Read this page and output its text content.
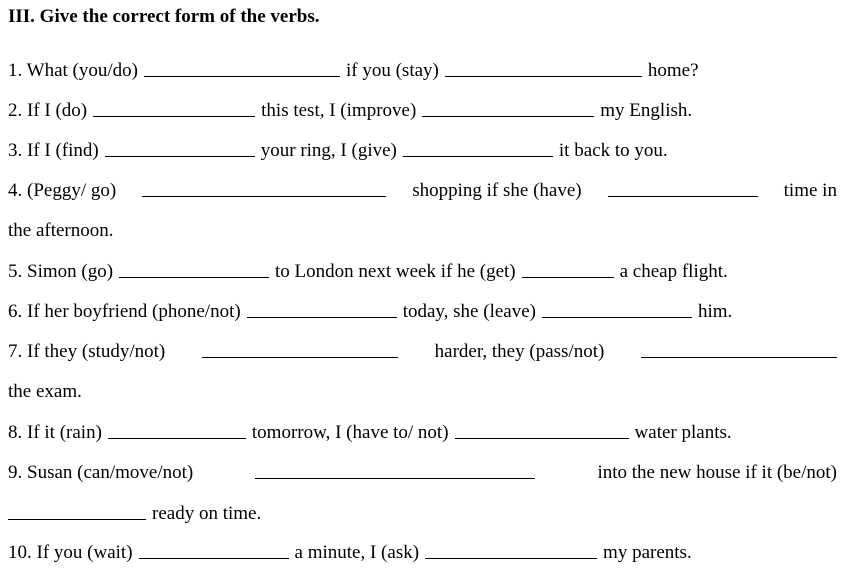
III. Give the correct form of the verbs.
1. What (you/do)	if you (stay)	home?
2. If I (do)	this test, I (improve)	my English.
3. If I (find)	your ring, I (give)	it back to you.
4. (Peggy/ go)	shopping if she (have)	time in
the afternoon.
5. Simon (go)	to London next week if he (get)	a cheap flight.
6. If her boyfriend (phone/not)	today, she (leave)	him.
7. If they (study/not)	harder, they (pass/not)
the exam.
8. If it (rain)	tomorrow, I (have to/ not)	water plants.
9. Susan (can/move/not)	into the new house if it (be/not)
ready on time.
10. If you (wait)	a minute, I (ask)	my parents.
